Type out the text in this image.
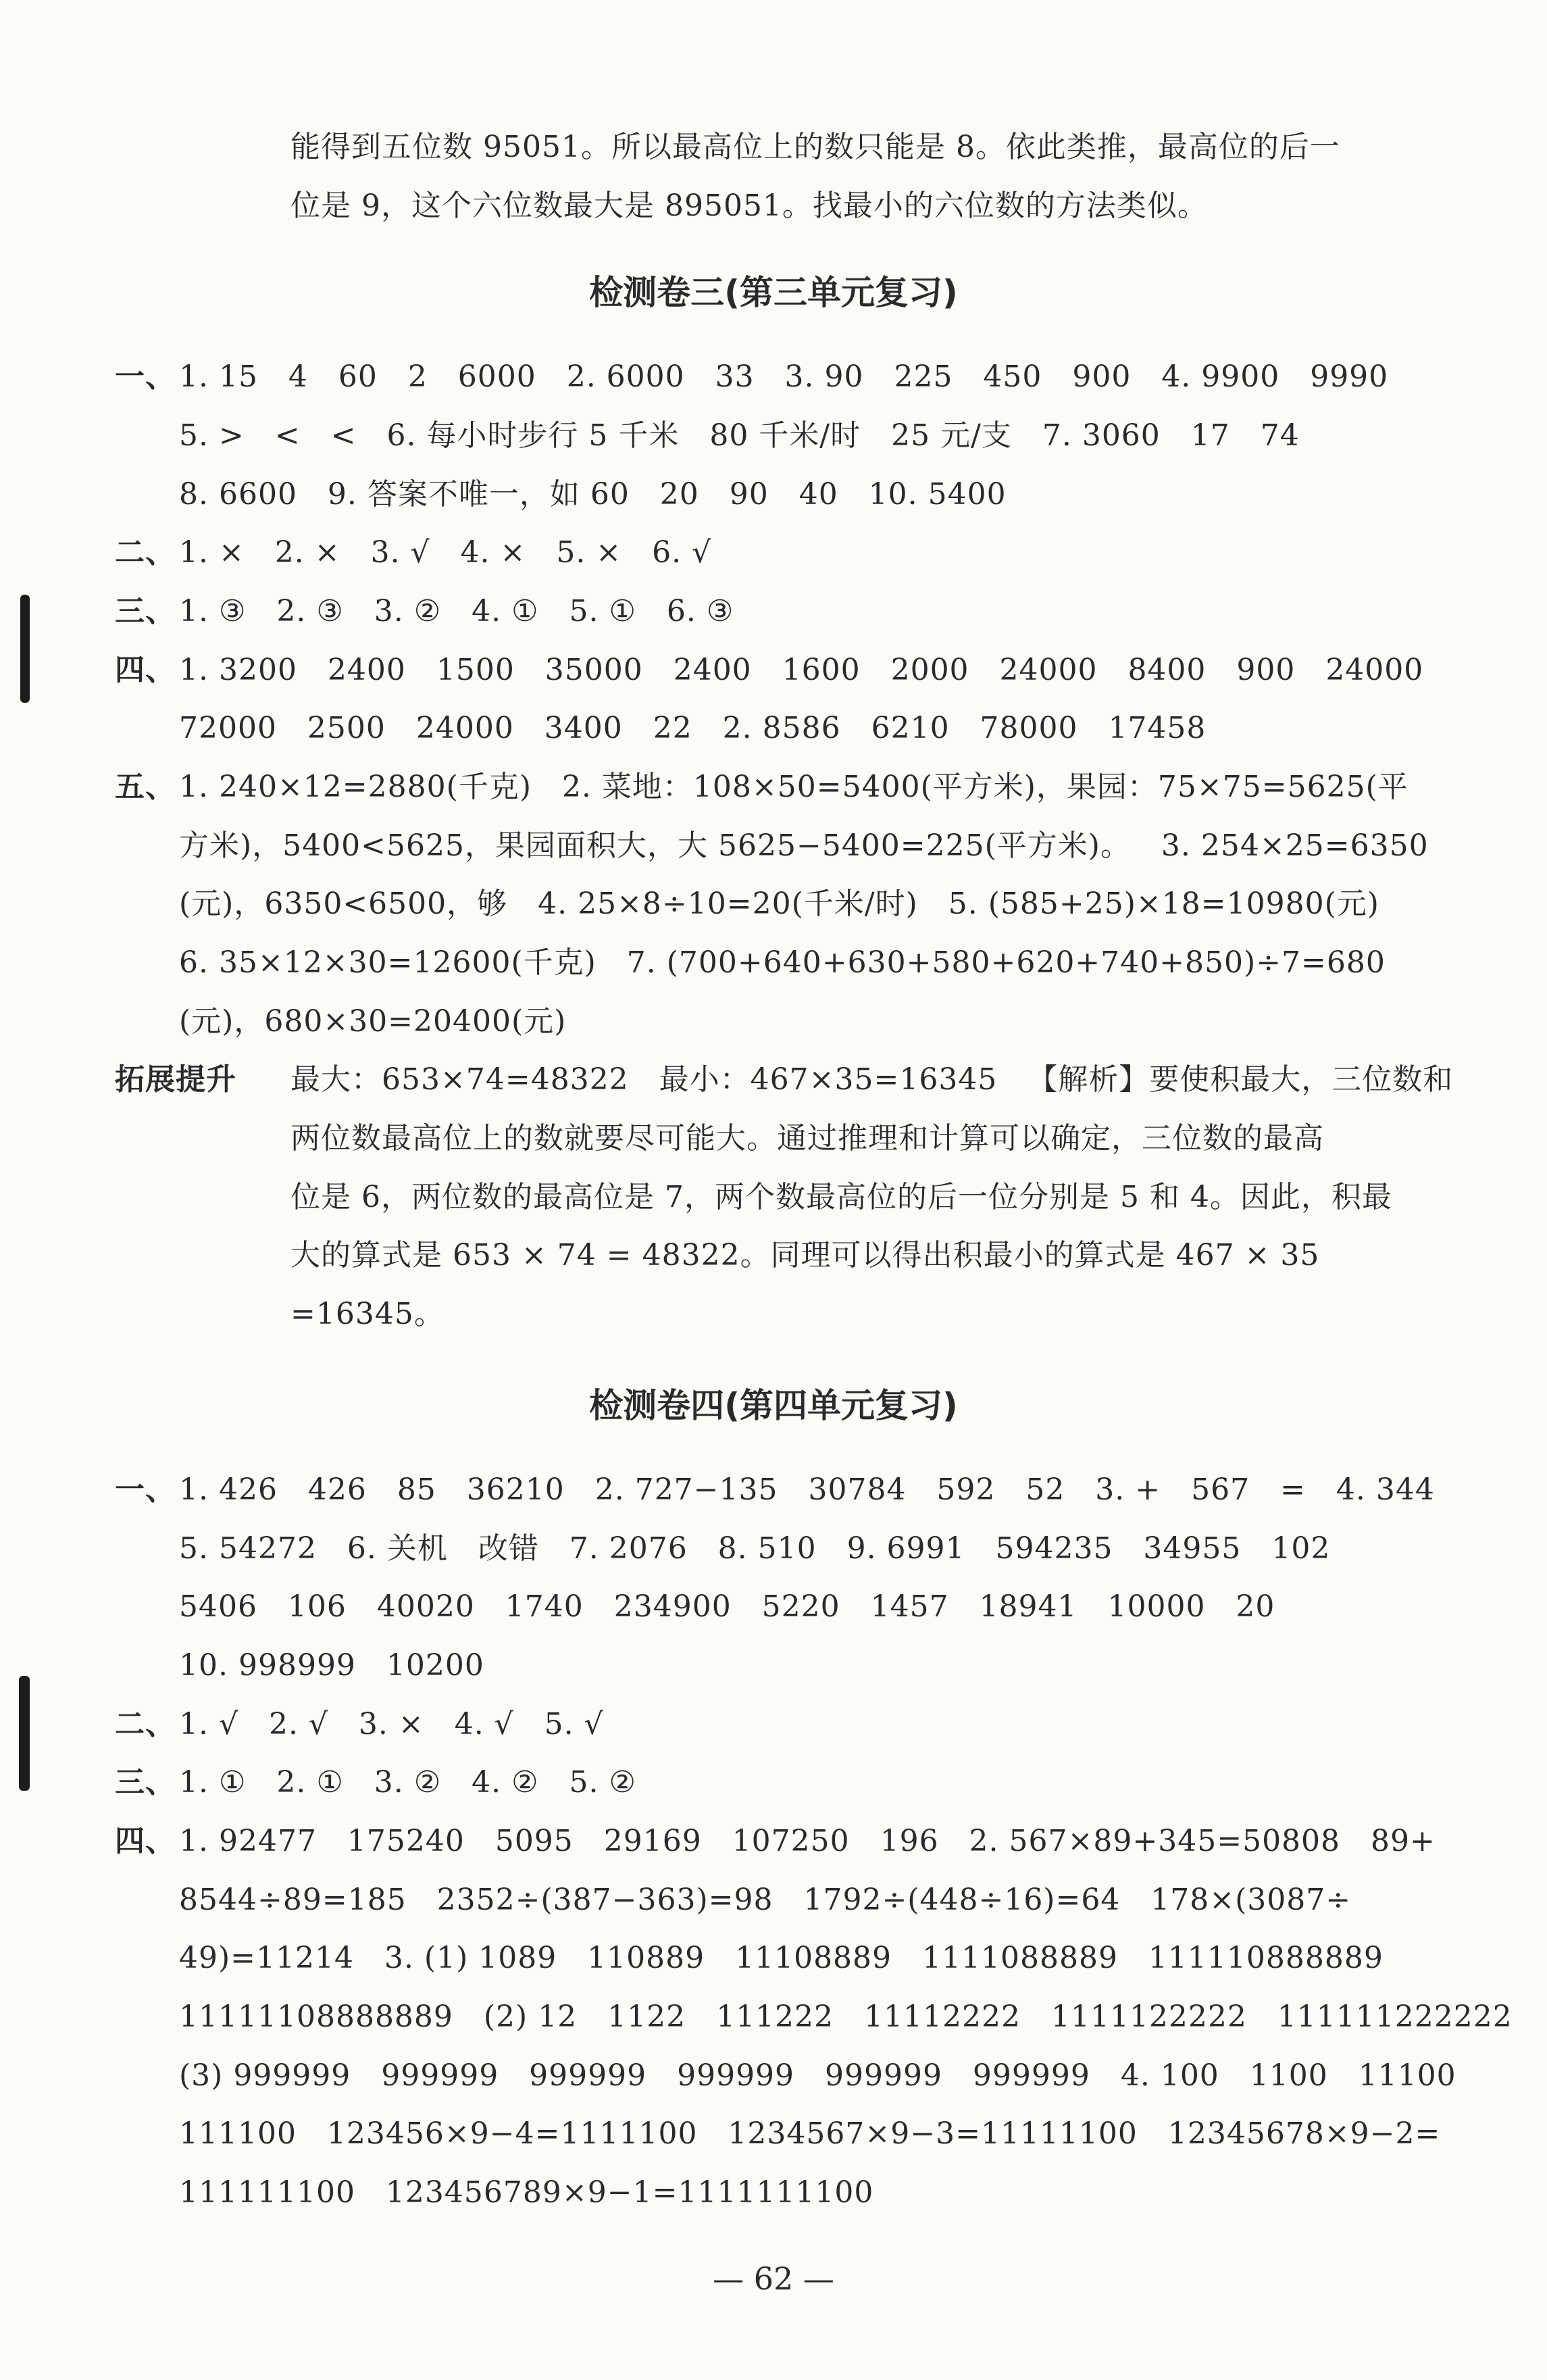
能得到五位数 95051。所以最高位上的数只能是 8。依此类推，最高位的后一
位是 9，这个六位数最大是 895051。找最小的六位数的方法类似。
检测卷三(第三单元复习)
一、 1. 15   4   60   2   6000   2. 6000   33   3. 90   225   450   900   4. 9900   9990
5. >   <   <   6. 每小时步行 5 千米   80 千米/时   25 元/支   7. 3060   17   74
8. 6600   9. 答案不唯一，如 60   20   90   40   10. 5400
二、 1. ×   2. ×   3. √   4. ×   5. ×   6. √
三、 1. ③   2. ③   3. ②   4. ①   5. ①   6. ③
四、 1. 3200   2400   1500   35000   2400   1600   2000   24000   8400   900   24000
72000   2500   24000   3400   22   2. 8586   6210   78000   17458
五、 1. 240×12=2880(千克)   2. 菜地：108×50=5400(平方米)，果园：75×75=5625(平
方米)，5400<5625，果园面积大，大 5625−5400=225(平方米)。   3. 254×25=6350
(元)，6350<6500，够   4. 25×8÷10=20(千米/时)   5. (585+25)×18=10980(元)
6. 35×12×30=12600(千克)   7. (700+640+630+580+620+740+850)÷7=680
(元)，680×30=20400(元)
拓展提升 最大：653×74=48322   最小：467×35=16345   【解析】要使积最大，三位数和
两位数最高位上的数就要尽可能大。通过推理和计算可以确定，三位数的最高
位是 6，两位数的最高位是 7，两个数最高位的后一位分别是 5 和 4。因此，积最
大的算式是 653 × 74 = 48322。同理可以得出积最小的算式是 467 × 35
=16345。
检测卷四(第四单元复习)
一、 1. 426   426   85   36210   2. 727−135   30784   592   52   3. +   567   =   4. 344
5. 54272   6. 关机   改错   7. 2076   8. 510   9. 6991   594235   34955   102
5406   106   40020   1740   234900   5220   1457   18941   10000   20
10. 998999   10200
二、 1. √   2. √   3. ×   4. √   5. √
三、 1. ①   2. ①   3. ②   4. ②   5. ②
四、 1. 92477   175240   5095   29169   107250   196   2. 567×89+345=50808   89+
8544÷89=185   2352÷(387−363)=98   1792÷(448÷16)=64   178×(3087÷
49)=11214   3. (1) 1089   110889   11108889   1111088889   111110888889
11111108888889   (2) 12   1122   111222   11112222   1111122222   111111222222
(3) 999999   999999   999999   999999   999999   999999   4. 100   1100   11100
111100   123456×9−4=1111100   1234567×9−3=11111100   12345678×9−2=
111111100   123456789×9−1=1111111100
— 62 —
